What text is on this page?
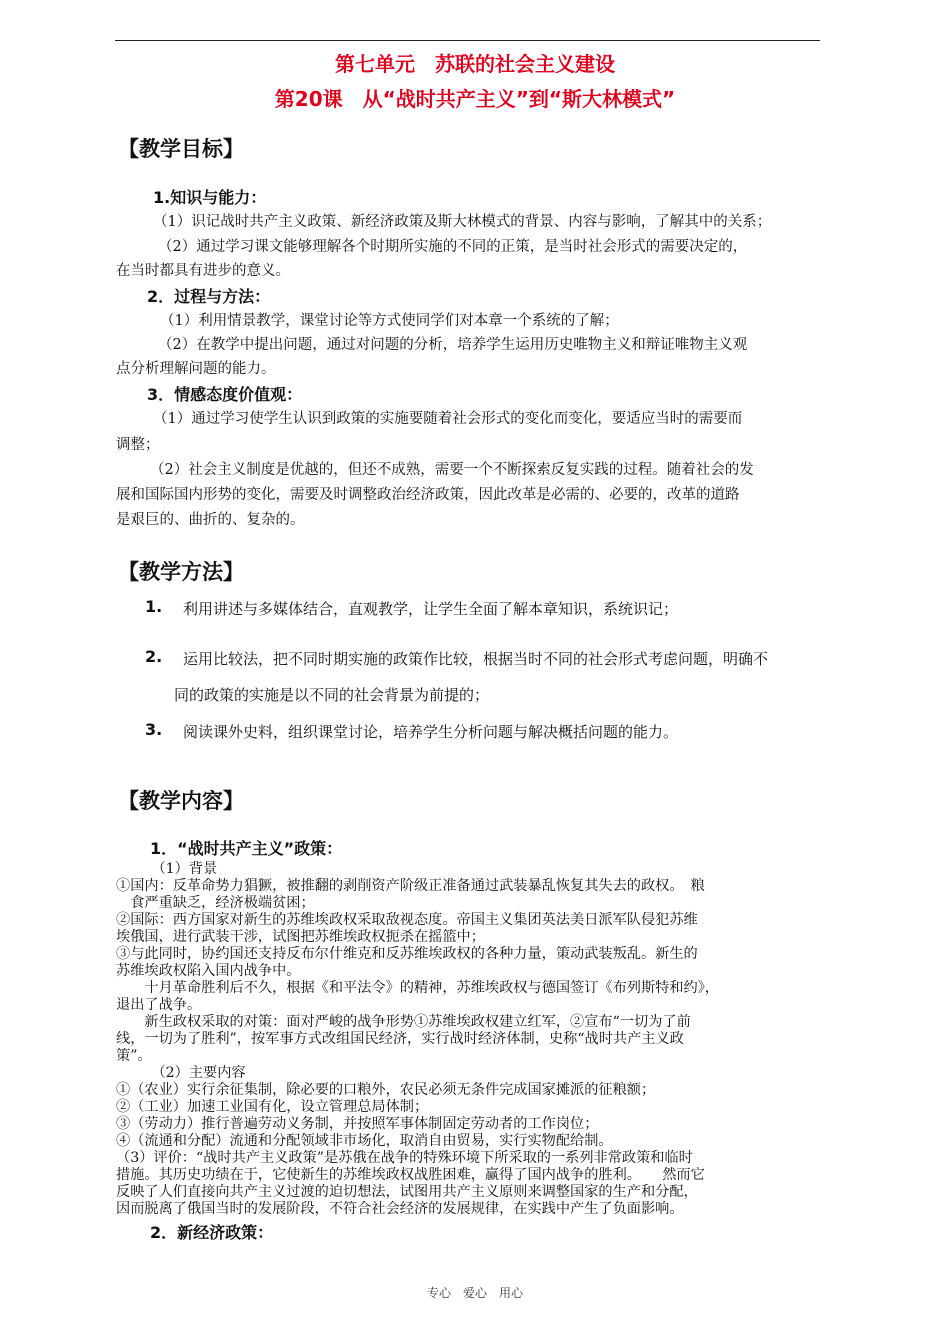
第七单元　苏联的社会主义建设
第20课　从“战时共产主义”到“斯大林模式”
【教学目标】
1.知识与能力：
（1）识记战时共产主义政策、新经济政策及斯大林模式的背景、内容与影响，了解其中的关系；
（2）通过学习课文能够理解各个时期所实施的不同的正策，是当时社会形式的需要决定的，
在当时都具有进步的意义。
2．过程与方法：
（1）利用情景教学，课堂讨论等方式使同学们对本章一个系统的了解；
（2）在教学中提出问题，通过对问题的分析，培养学生运用历史唯物主义和辩证唯物主义观
点分析理解问题的能力。
3．情感态度价值观：
（1）通过学习使学生认识到政策的实施要随着社会形式的变化而变化，要适应当时的需要而
调整；
（2）社会主义制度是优越的，但还不成熟，需要一个不断探索反复实践的过程。随着社会的发
展和国际国内形势的变化，需要及时调整政治经济政策，因此改革是必需的、必要的，改革的道路
是艰巨的、曲折的、复杂的。
【教学方法】
1. 利用讲述与多媒体结合，直观教学，让学生全面了解本章知识，系统识记；
2. 运用比较法，把不同时期实施的政策作比较，根据当时不同的社会形式考虑问题，明确不
同的政策的实施是以不同的社会背景为前提的；
3. 阅读课外史料，组织课堂讨论，培养学生分析问题与解决概括问题的能力。
【教学内容】
1．“战时共产主义”政策：
　　　（1）背景
①国内：反革命势力猖獗，被推翻的剥削资产阶级正准备通过武装暴乱恢复其失去的政权。　粮
　食严重缺乏，经济极端贫困；
②国际：西方国家对新生的苏维埃政权采取敌视态度。帝国主义集团英法美日派军队侵犯苏维
埃俄国，进行武装干涉，试图把苏维埃政权扼杀在摇篮中；
③与此同时，协约国还支持反布尔什维克和反苏维埃政权的各种力量，策动武装叛乱。新生的
苏维埃政权陷入国内战争中。
　　十月革命胜利后不久，根据《和平法令》的精神，苏维埃政权与德国签订《布列斯特和约》，
退出了战争。
　　新生政权采取的对策：面对严峻的战争形势①苏维埃政权建立红军，②宣布“一切为了前
线，一切为了胜利”，按军事方式改组国民经济，实行战时经济体制，史称“战时共产主义政
策”。
　　　（2）主要内容
①（农业）实行余征集制，除必要的口粮外，农民必须无条件完成国家摊派的征粮额；
②（工业）加速工业国有化，设立管理总局体制；
③（劳动力）推行普遍劳动义务制，并按照军事体制固定劳动者的工作岗位；
④（流通和分配）流通和分配领域非市场化，取消自由贸易，实行实物配给制。
（3）评价：“战时共产主义政策”是苏俄在战争的特殊环境下所采取的一系列非常政策和临时
措施。其历史功绩在于，它使新生的苏维埃政权战胜困难，赢得了国内战争的胜利。　　然而它
反映了人们直接向共产主义过渡的迫切想法，试图用共产主义原则来调整国家的生产和分配，
因而脱离了俄国当时的发展阶段，不符合社会经济的发展规律，在实践中产生了负面影响。
2．新经济政策：
专心　爱心　用心
